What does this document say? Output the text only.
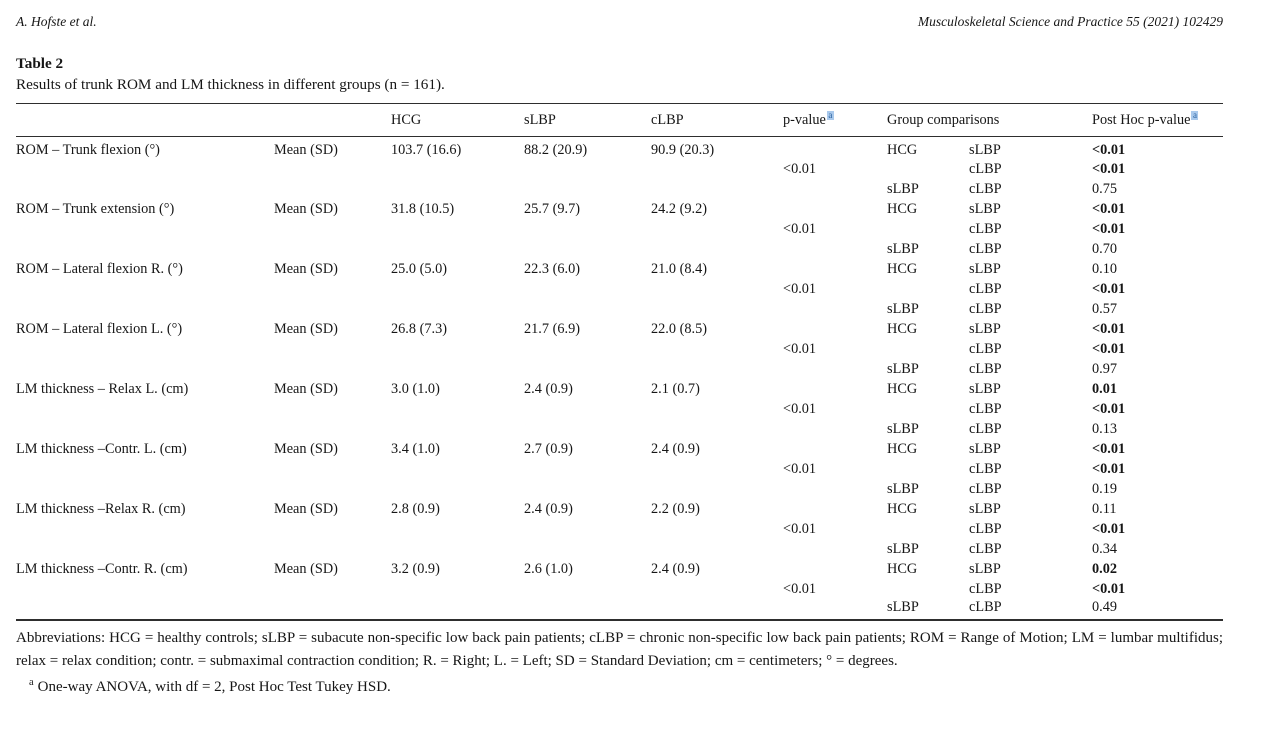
A. Hofste et al.	Musculoskeletal Science and Practice 55 (2021) 102429
Table 2
Results of trunk ROM and LM thickness in different groups (n = 161).
		HCG	sLBP	cLBP	p-value $^a$	Group comparisons		Post Hoc p-value $^a$
ROM – Trunk flexion (°)	Mean (SD)	103.7 (16.6)	88.2 (20.9)	90.9 (20.3)		HCG	sLBP	<0.01
					<0.01		cLBP	<0.01
						sLBP	cLBP	0.75
ROM – Trunk extension (°)	Mean (SD)	31.8 (10.5)	25.7 (9.7)	24.2 (9.2)		HCG	sLBP	<0.01
					<0.01		cLBP	<0.01
						sLBP	cLBP	0.70
ROM – Lateral flexion R. (°)	Mean (SD)	25.0 (5.0)	22.3 (6.0)	21.0 (8.4)		HCG	sLBP	0.10
					<0.01		cLBP	<0.01
						sLBP	cLBP	0.57
ROM – Lateral flexion L. (°)	Mean (SD)	26.8 (7.3)	21.7 (6.9)	22.0 (8.5)		HCG	sLBP	<0.01
					<0.01		cLBP	<0.01
						sLBP	cLBP	0.97
LM thickness – Relax L. (cm)	Mean (SD)	3.0 (1.0)	2.4 (0.9)	2.1 (0.7)		HCG	sLBP	0.01
					<0.01		cLBP	<0.01
						sLBP	cLBP	0.13
LM thickness –Contr. L. (cm)	Mean (SD)	3.4 (1.0)	2.7 (0.9)	2.4 (0.9)		HCG	sLBP	<0.01
					<0.01		cLBP	<0.01
						sLBP	cLBP	0.19
LM thickness –Relax R. (cm)	Mean (SD)	2.8 (0.9)	2.4 (0.9)	2.2 (0.9)		HCG	sLBP	0.11
					<0.01		cLBP	<0.01
						sLBP	cLBP	0.34
LM thickness –Contr. R. (cm)	Mean (SD)	3.2 (0.9)	2.6 (1.0)	2.4 (0.9)		HCG	sLBP	0.02
					<0.01		cLBP	<0.01
						sLBP	cLBP	0.49
Abbreviations: HCG = healthy controls; sLBP = subacute non-specific low back pain patients; cLBP = chronic non-specific low back pain patients; ROM = Range of Motion; LM = lumbar multifidus; relax = relax condition; contr. = submaximal contraction condition; R. = Right; L. = Left; SD = Standard Deviation; cm = centimeters; ° = degrees.
$^a$ One-way ANOVA, with df = 2, Post Hoc Test Tukey HSD.
